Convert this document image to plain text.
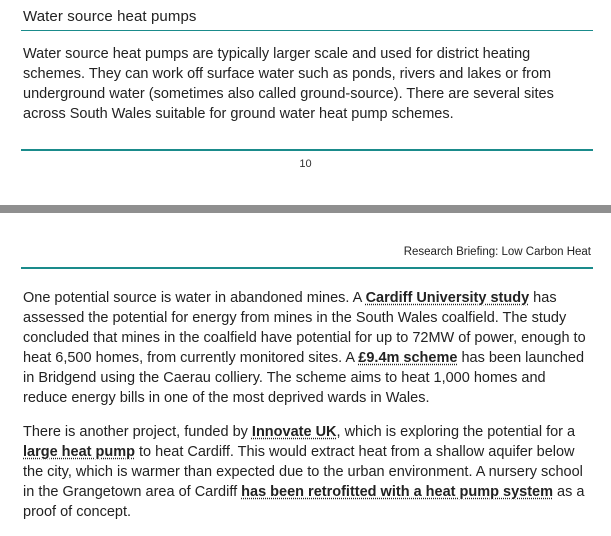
Water source heat pumps

Water source heat pumps are typically larger scale and used for district heating schemes. They can work off surface water such as ponds, rivers and lakes or from underground water (sometimes also called ground-source). There are several sites across South Wales suitable for ground water heat pump schemes.

10
Research Briefing: Low Carbon Heat

One potential source is water in abandoned mines. A Cardiff University study has assessed the potential for energy from mines in the South Wales coalfield. The study concluded that mines in the coalfield have potential for up to 72MW of power, enough to heat 6,500 homes, from currently monitored sites. A £9.4m scheme has been launched in Bridgend using the Caerau colliery. The scheme aims to heat 1,000 homes and reduce energy bills in one of the most deprived wards in Wales.

There is another project, funded by Innovate UK, which is exploring the potential for a large heat pump to heat Cardiff. This would extract heat from a shallow aquifer below the city, which is warmer than expected due to the urban environment. A nursery school in the Grangetown area of Cardiff has been retrofitted with a heat pump system as a proof of concept.
